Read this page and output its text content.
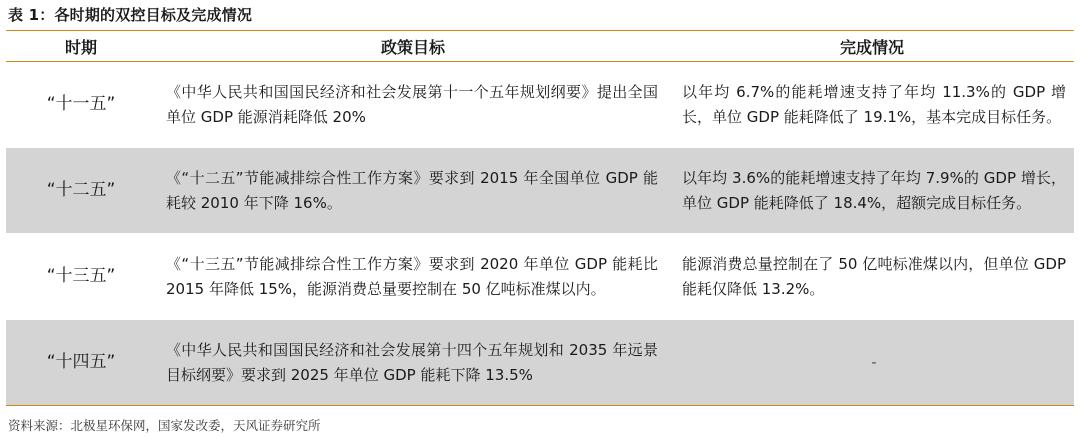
表 1：各时期的双控目标及完成情况
时期	政策目标	完成情况
“十一五”
《中华人民共和国国民经济和社会发展第十一个五年规划纲要》提出全国单位 GDP 能源消耗降低 20%
以年均 6.7%的能耗增速支持了年均 11.3%的 GDP 增长，单位 GDP 能耗降低了 19.1%，基本完成目标任务。
“十二五”
《“十二五”节能减排综合性工作方案》要求到 2015 年全国单位 GDP 能耗较 2010 年下降 16%。
以年均 3.6%的能耗增速支持了年均 7.9%的 GDP 增长，单位 GDP 能耗降低了 18.4%，超额完成目标任务。
“十三五”
《“十三五”节能减排综合性工作方案》要求到 2020 年单位 GDP 能耗比 2015 年降低 15%，能源消费总量要控制在 50 亿吨标准煤以内。
能源消费总量控制在了 50 亿吨标准煤以内，但单位 GDP 能耗仅降低 13.2%。
“十四五”
《中华人民共和国国民经济和社会发展第十四个五年规划和 2035 年远景目标纲要》要求到 2025 年单位 GDP 能耗下降 13.5%
-
资料来源：北极星环保网，国家发改委，天风证券研究所
